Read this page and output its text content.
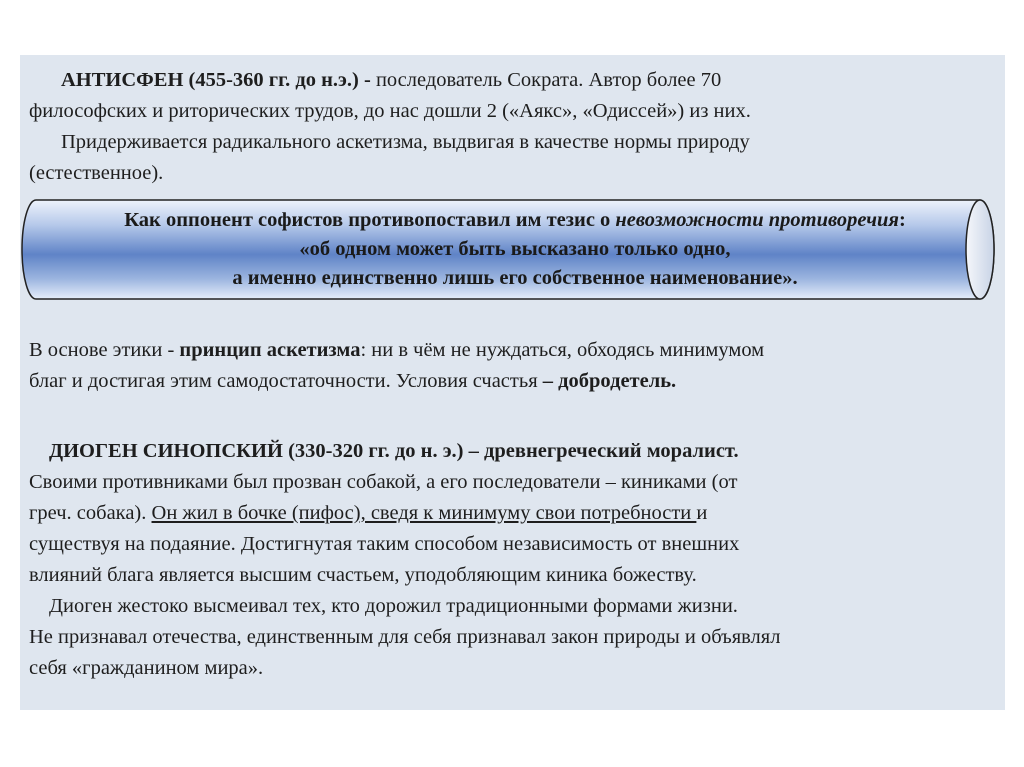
АНТИСФЕН (455-360 гг. до н.э.) - последователь Сократа. Автор более 70
философских и риторических трудов, до нас дошли 2 («Аякс», «Одиссей») из них.

Придерживается радикального аскетизма, выдвигая в качестве нормы природу
(естественное).

Как оппонент софистов противопоставил им тезис о невозможности противоречия:
«об одном может быть высказано только одно,
а именно единственно лишь его собственное наименование».

В основе этики - принцип аскетизма: ни в чём не нуждаться, обходясь минимумом
благ и достигая этим самодостаточности. Условия счастья – добродетель.

ДИОГЕН СИНОПСКИЙ (330-320 гг. до н. э.) – древнегреческий моралист.
Своими противниками был прозван собакой, а его последователи – киниками (от
греч. собака). Он жил в бочке (пифос), сведя к минимуму свои потребности и
существуя на подаяние. Достигнутая таким способом независимость от внешних
влияний блага является высшим счастьем, уподобляющим киника божеству.

Диоген жестоко высмеивал тех, кто дорожил традиционными формами жизни.

Не признавал отечества, единственным для себя признавал закон природы и объявлял
себя «гражданином мира».
